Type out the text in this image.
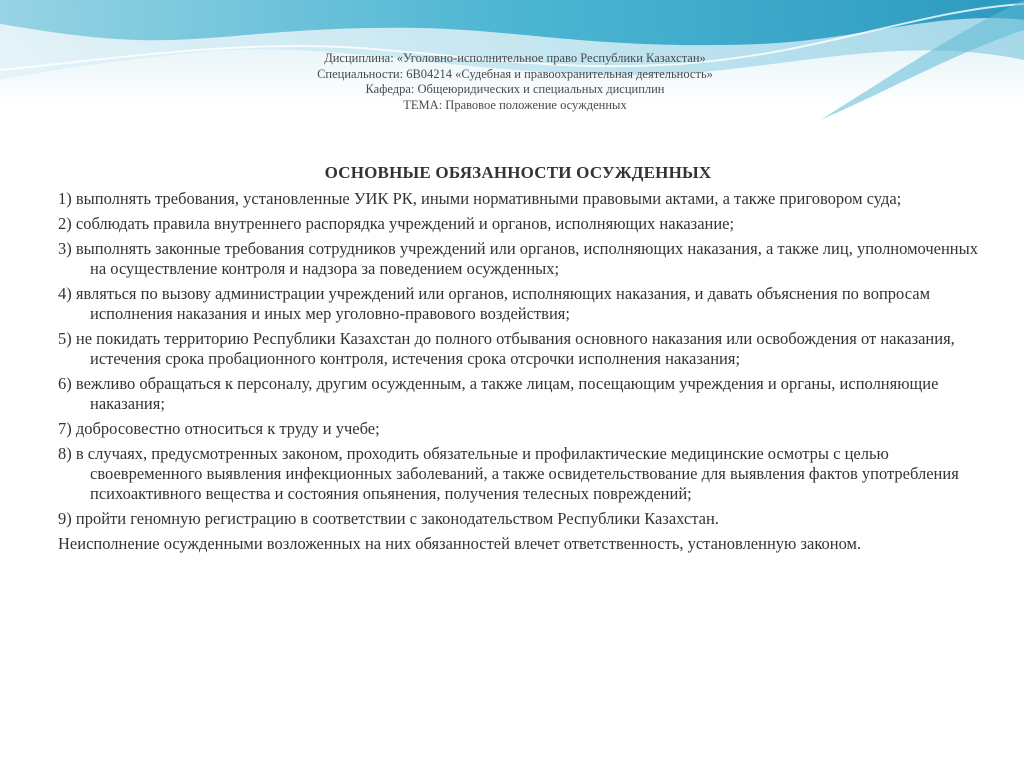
Дисциплина: «Уголовно-исполнительное право Республики Казахстан»
Специальности: 6В04214 «Судебная и правоохранительная деятельность»
Кафедра: Общеюридических и специальных дисциплин
ТЕМА: Правовое положение осужденных
ОСНОВНЫЕ ОБЯЗАННОСТИ ОСУЖДЕННЫХ
1) выполнять требования, установленные УИК РК, иными нормативными правовыми актами, а также приговором суда;
2) соблюдать правила внутреннего распорядка учреждений и органов, исполняющих наказание;
3) выполнять законные требования сотрудников учреждений или органов, исполняющих наказания, а также лиц, уполномоченных на осуществление контроля и надзора за поведением осужденных;
4) являться по вызову администрации учреждений или органов, исполняющих наказания, и давать объяснения по вопросам исполнения наказания и иных мер уголовно-правового воздействия;
5) не покидать территорию Республики Казахстан до полного отбывания основного наказания или освобождения от наказания, истечения срока пробационного контроля, истечения срока отсрочки исполнения наказания;
6) вежливо обращаться к персоналу, другим осужденным, а также лицам, посещающим учреждения и органы, исполняющие наказания;
7) добросовестно относиться к труду и учебе;
8) в случаях, предусмотренных законом, проходить обязательные и профилактические медицинские осмотры с целью своевременного выявления инфекционных заболеваний, а также освидетельствование для выявления фактов употребления психоактивного вещества и состояния опьянения, получения телесных повреждений;
9) пройти геномную регистрацию в соответствии с законодательством Республики Казахстан.
Неисполнение осужденными возложенных на них обязанностей влечет ответственность, установленную законом.
